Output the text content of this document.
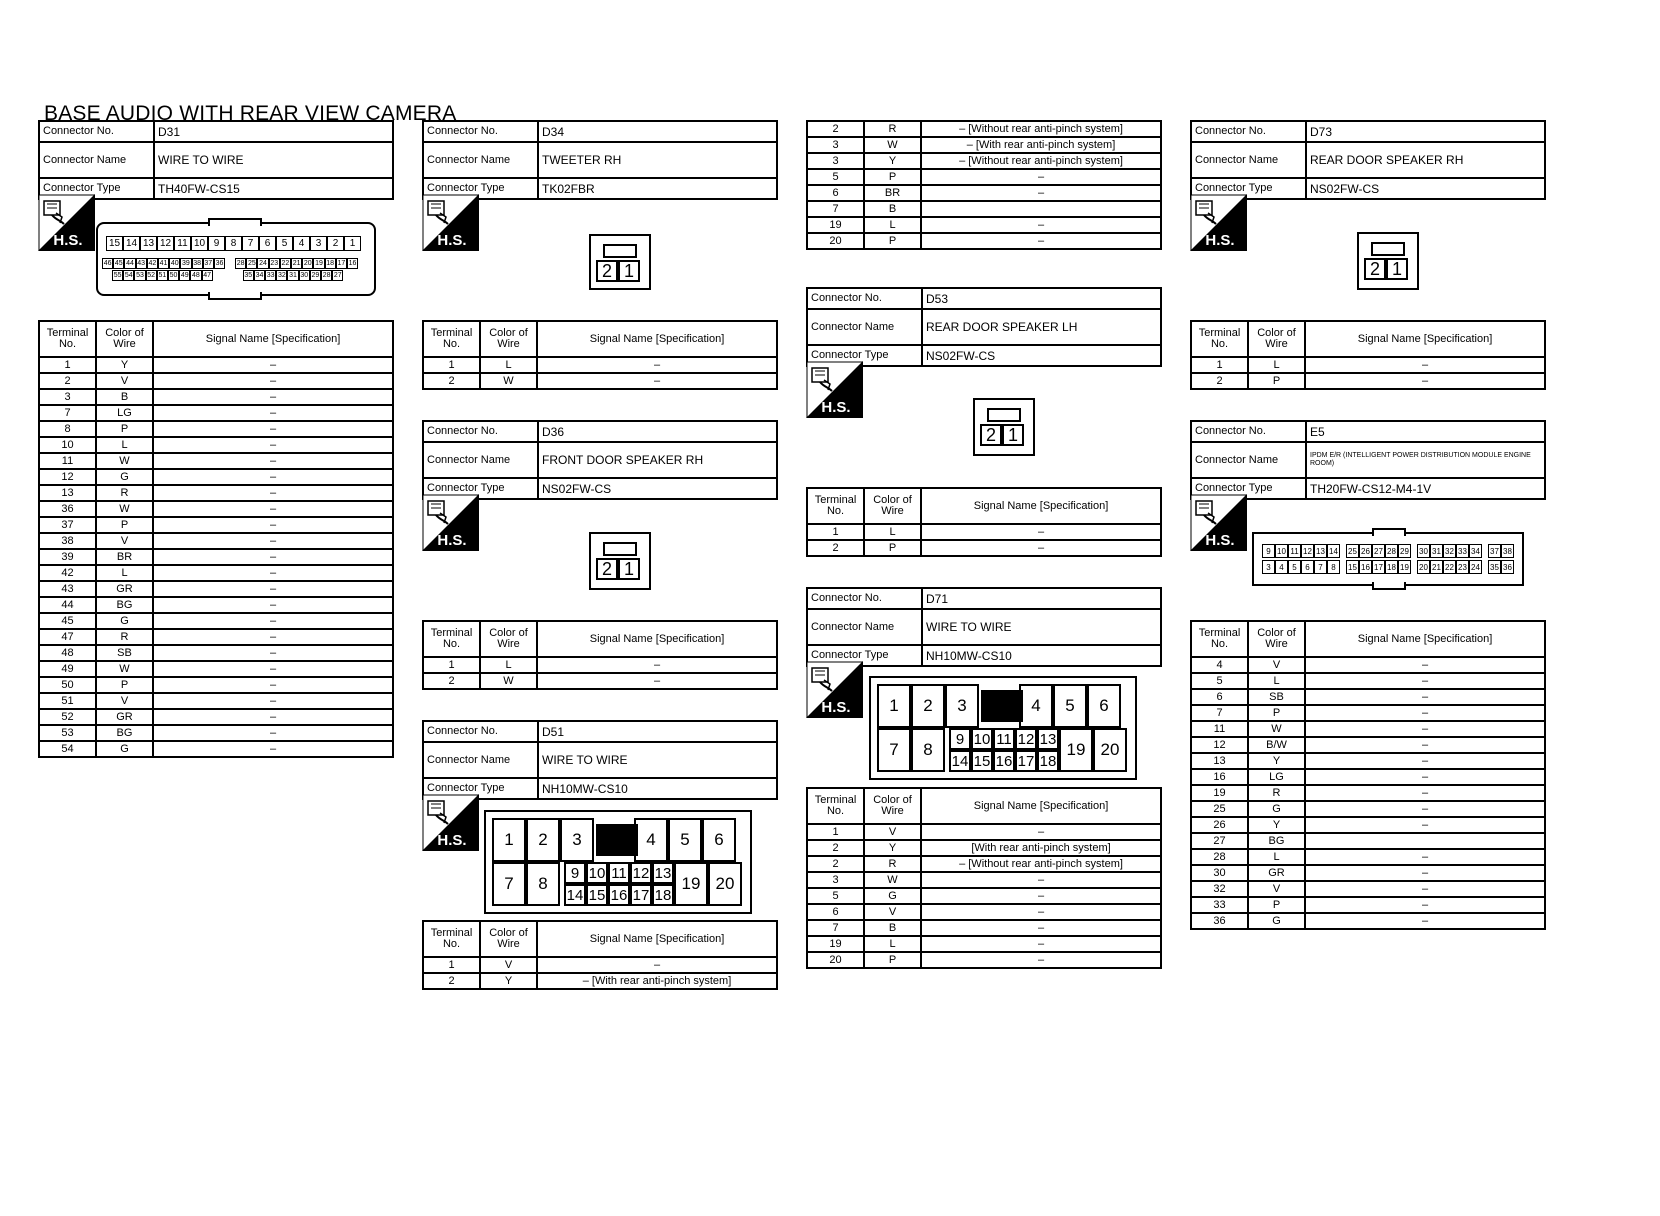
BASE AUDIO WITH REAR VIEW CAMERA
Connector No.	D31
Connector Name	WIRE TO WIRE
Connector Type	TH40FW-CS15
H.S.	15 14 13 12 11 10 9	8	7	6	5	4	3	2	1
46 45 44 43 42 41 40 39 38 37 36 28 25 24 23 22 21 20 19 18 17 16
55 54 53 52 51 50 49 48 47	35 34 33 32 31 30 29 28 27
Terminal No.	Color of Wire	Signal Name [Specification]
1	Y	–
2	V	–
3	B	–
7	LG	–
8	P	–
10	L	–
11	W	–
12	G	–
13	R	–
36	W	–
37	P	–
38	V	–
39	BR	–
42	L	–
43	GR	–
44	BG	–
45	G	–
47	R	–
48	SB	–
49	W	–
50	P	–
51	V	–
52	GR	–
53	BG	–
54	G	–
Connector No.	D34
Connector Name	TWEETER RH
Connector Type	TK02FBR
H.S.
2 1
Terminal No.	Color of Wire	Signal Name [Specification]
1	L	–
2	W	–
Connector No.	D36
Connector Name	FRONT DOOR SPEAKER RH
Connector Type	NS02FW-CS
H.S.
2 1
Terminal No.	Color of Wire	Signal Name [Specification]
1	L	–
2	W	–
Connector No.	D51
Connector Name	WIRE TO WIRE
Connector Type	NH10MW-CS10
H.S.	1	2	3	4	5	6
7	8
9 10 11 12 13
14 15 16 17 18
19 20
Terminal No.	Color of Wire	Signal Name [Specification]
1	V	–
2	Y	– [With rear anti-pinch system]
2	R	– [Without rear anti-pinch system]
3	W	– [With rear anti-pinch system]
3	Y	– [Without rear anti-pinch system]
5	P	–
6	BR	–
7	B	
19	L	–
20	P	–
Connector No.	D53
Connector Name	REAR DOOR SPEAKER LH
Connector Type	NS02FW-CS
H.S.
2 1
Terminal No.	Color of Wire	Signal Name [Specification]
1	L	–
2	P	–
Connector No.	D71
Connector Name	WIRE TO WIRE
Connector Type	NH10MW-CS10
H.S.	1	2	3	4	5	6
7	8
9 10 11 12 13
14 15 16 17 18
19 20
Terminal No.	Color of Wire	Signal Name [Specification]
1	V	–
2	Y	[With rear anti-pinch system]
2	R	– [Without rear anti-pinch system]
3	W	–
5	G	–
6	V	–
7	B	–
19	L	–
20	P	–
Connector No.	D73
Connector Name	REAR DOOR SPEAKER RH
Connector Type	NS02FW-CS
H.S.
2 1
Terminal No.	Color of Wire	Signal Name [Specification]
1	L	–
2	P	–
Connector No.	E5
Connector Name	IPDM E/R (INTELLIGENT POWER DISTRIBUTION MODULE ENGINE ROOM)
Connector Type	TH20FW-CS12-M4-1V
H.S.
9 10 11 12 13 14 25 26 27 28 29 30 31 32 33 34 37 38
3	4	5	6	7	8	15 16 17 18 19 20 21 22 23 24 35 36
Terminal No.	Color of Wire	Signal Name [Specification]
4	V	–
5	L	–
6	SB	–
7	P	–
11	W	–
12	B/W	–
13	Y	–
16	LG	–
19	R	–
25	G	–
26	Y	–
27	BG	
28	L	–
30	GR	–
32	V	–
33	P	–
36	G	–
